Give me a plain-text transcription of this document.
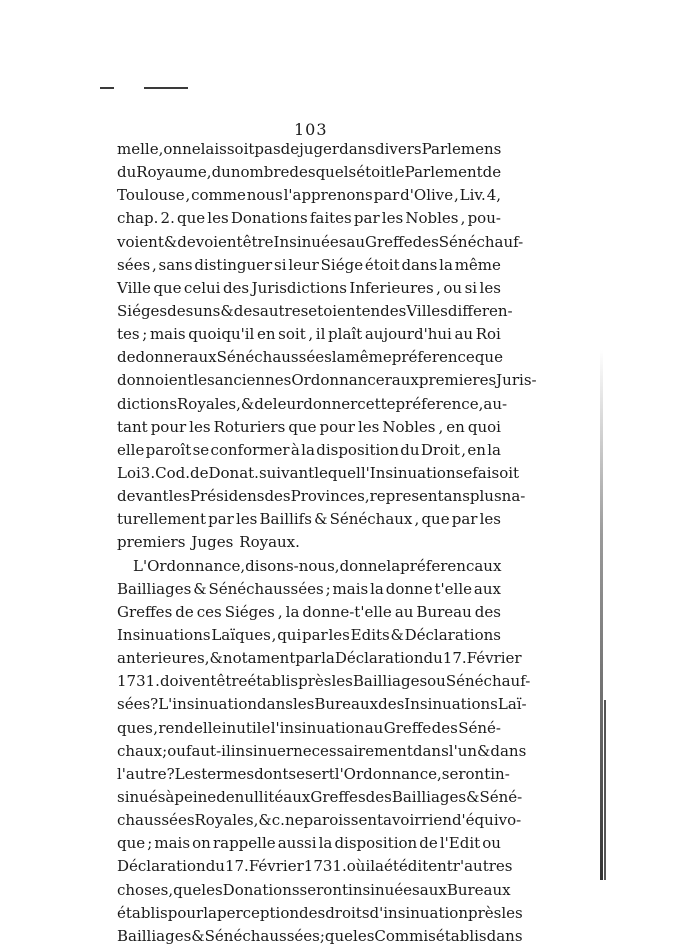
103
melle , on ne laissoit pas de juger dans divers Parlemens
du Royaume , du nombre desquels étoit le Parlement de
Toulouse , comme nous l'apprenons par d'Olive , Liv. 4,
chap. 2. que les Donations faites par les Nobles , pou-
voient & devoient être Insinuées au Greffe des Sénéchauf-
sées , sans distinguer si leur Siége étoit dans la même
Ville que celui des Jurisdictions Inferieures , ou si les
Siéges des uns & des autres etoient en des Villes differen-
tes ; mais quoiqu'il en soit , il plaît aujourd'hui au Roi
de donner aux Sénéchaussées la même préference que
donnoient les anciennes Ordonnancer aux premieres Juris-
dictions Royales , & de leur donner cette préference , au-
tant pour les Roturiers que pour les Nobles , en quoi
elle paroît se conformer à la disposition du Droit , en la
Loi 3. Cod. de Donat. suivant lequel l'Insinuation se faisoit
devant les Présidens des Provinces , representans plus na-
turellement par les Baillifs & Sénéchaux , que par les
premiers Juges Royaux.
L'Ordonnance , disons-nous , donne la préferenc aux
Bailliages & Sénéchaussées ; mais la donne t'elle aux
Greffes de ces Siéges , la donne-t'elle au Bureau des
Insinuations Laïques , qui par les Edits & Déclarations
anterieures , & notament par la Déclaration du 17. Février
1731. doivent être établis près les Bailliages ou Sénéchauf-
sées ? L'insinuation dans les Bureaux des Insinuations Laï-
ques , rend elle inutile l'insinuation au Greffe des Séné-
chaux ; ou faut-il insinuer necessairement dans l'un & dans
l'autre ? Les termes dont se sert l'Ordonnance , seront in-
sinués à peine de nullité aux Greffes des Bailliages & Séné-
chaussées Royales , &c. ne paroissent avoir rien d'équivo-
que ; mais on rappelle aussi la disposition de l'Edit ou
Déclaration du 17. Février 1731. où il a été dit entr'autres
choses , que les Donations seront insinuées aux Bureaux
établis pour la perception des droits d'insinuation près les
Bailliages & Sénéchaussées ; que les Commis établis dans
